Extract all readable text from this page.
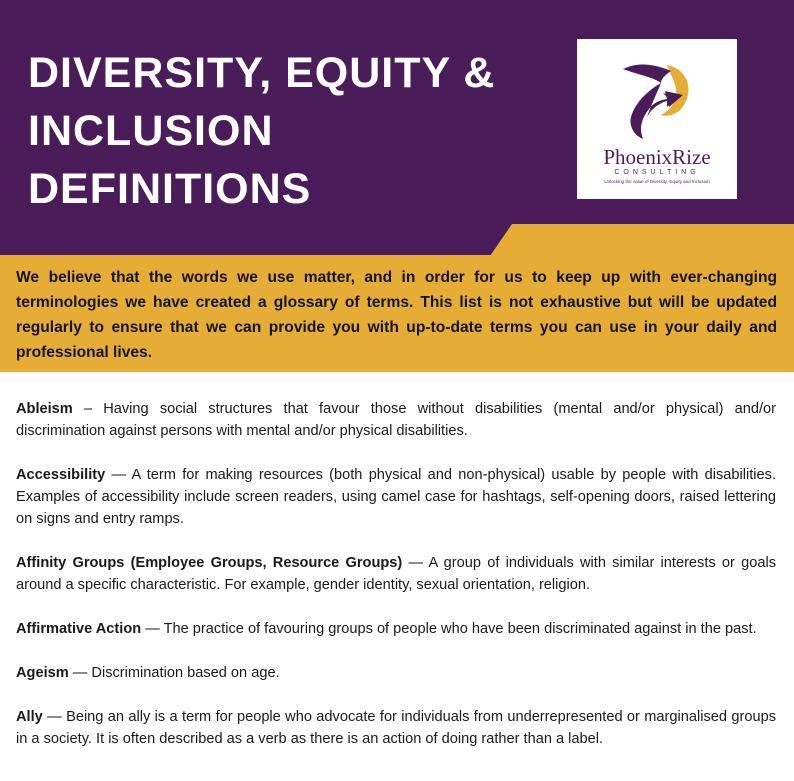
DIVERSITY, EQUITY &
INCLUSION
DEFINITIONS
PhoenixRize
CONSULTING
Unlocking the value of Diversity, Equity and Inclusion

We believe that the words we use matter, and in order for us to keep up with ever-changing terminologies we have created a glossary of terms. This list is not exhaustive but will be updated regularly to ensure that we can provide you with up-to-date terms you can use in your daily and professional lives.

Ableism – Having social structures that favour those without disabilities (mental and/or physical) and/or discrimination against persons with mental and/or physical disabilities.

Accessibility — A term for making resources (both physical and non-physical) usable by people with disabilities. Examples of accessibility include screen readers, using camel case for hashtags, self-opening doors, raised lettering on signs and entry ramps.

Affinity Groups (Employee Groups, Resource Groups) — A group of individuals with similar interests or goals around a specific characteristic. For example, gender identity, sexual orientation, religion.

Affirmative Action — The practice of favouring groups of people who have been discriminated against in the past.

Ageism — Discrimination based on age.

Ally — Being an ally is a term for people who advocate for individuals from underrepresented or marginalised groups in a society. It is often described as a verb as there is an action of doing rather than a label.
